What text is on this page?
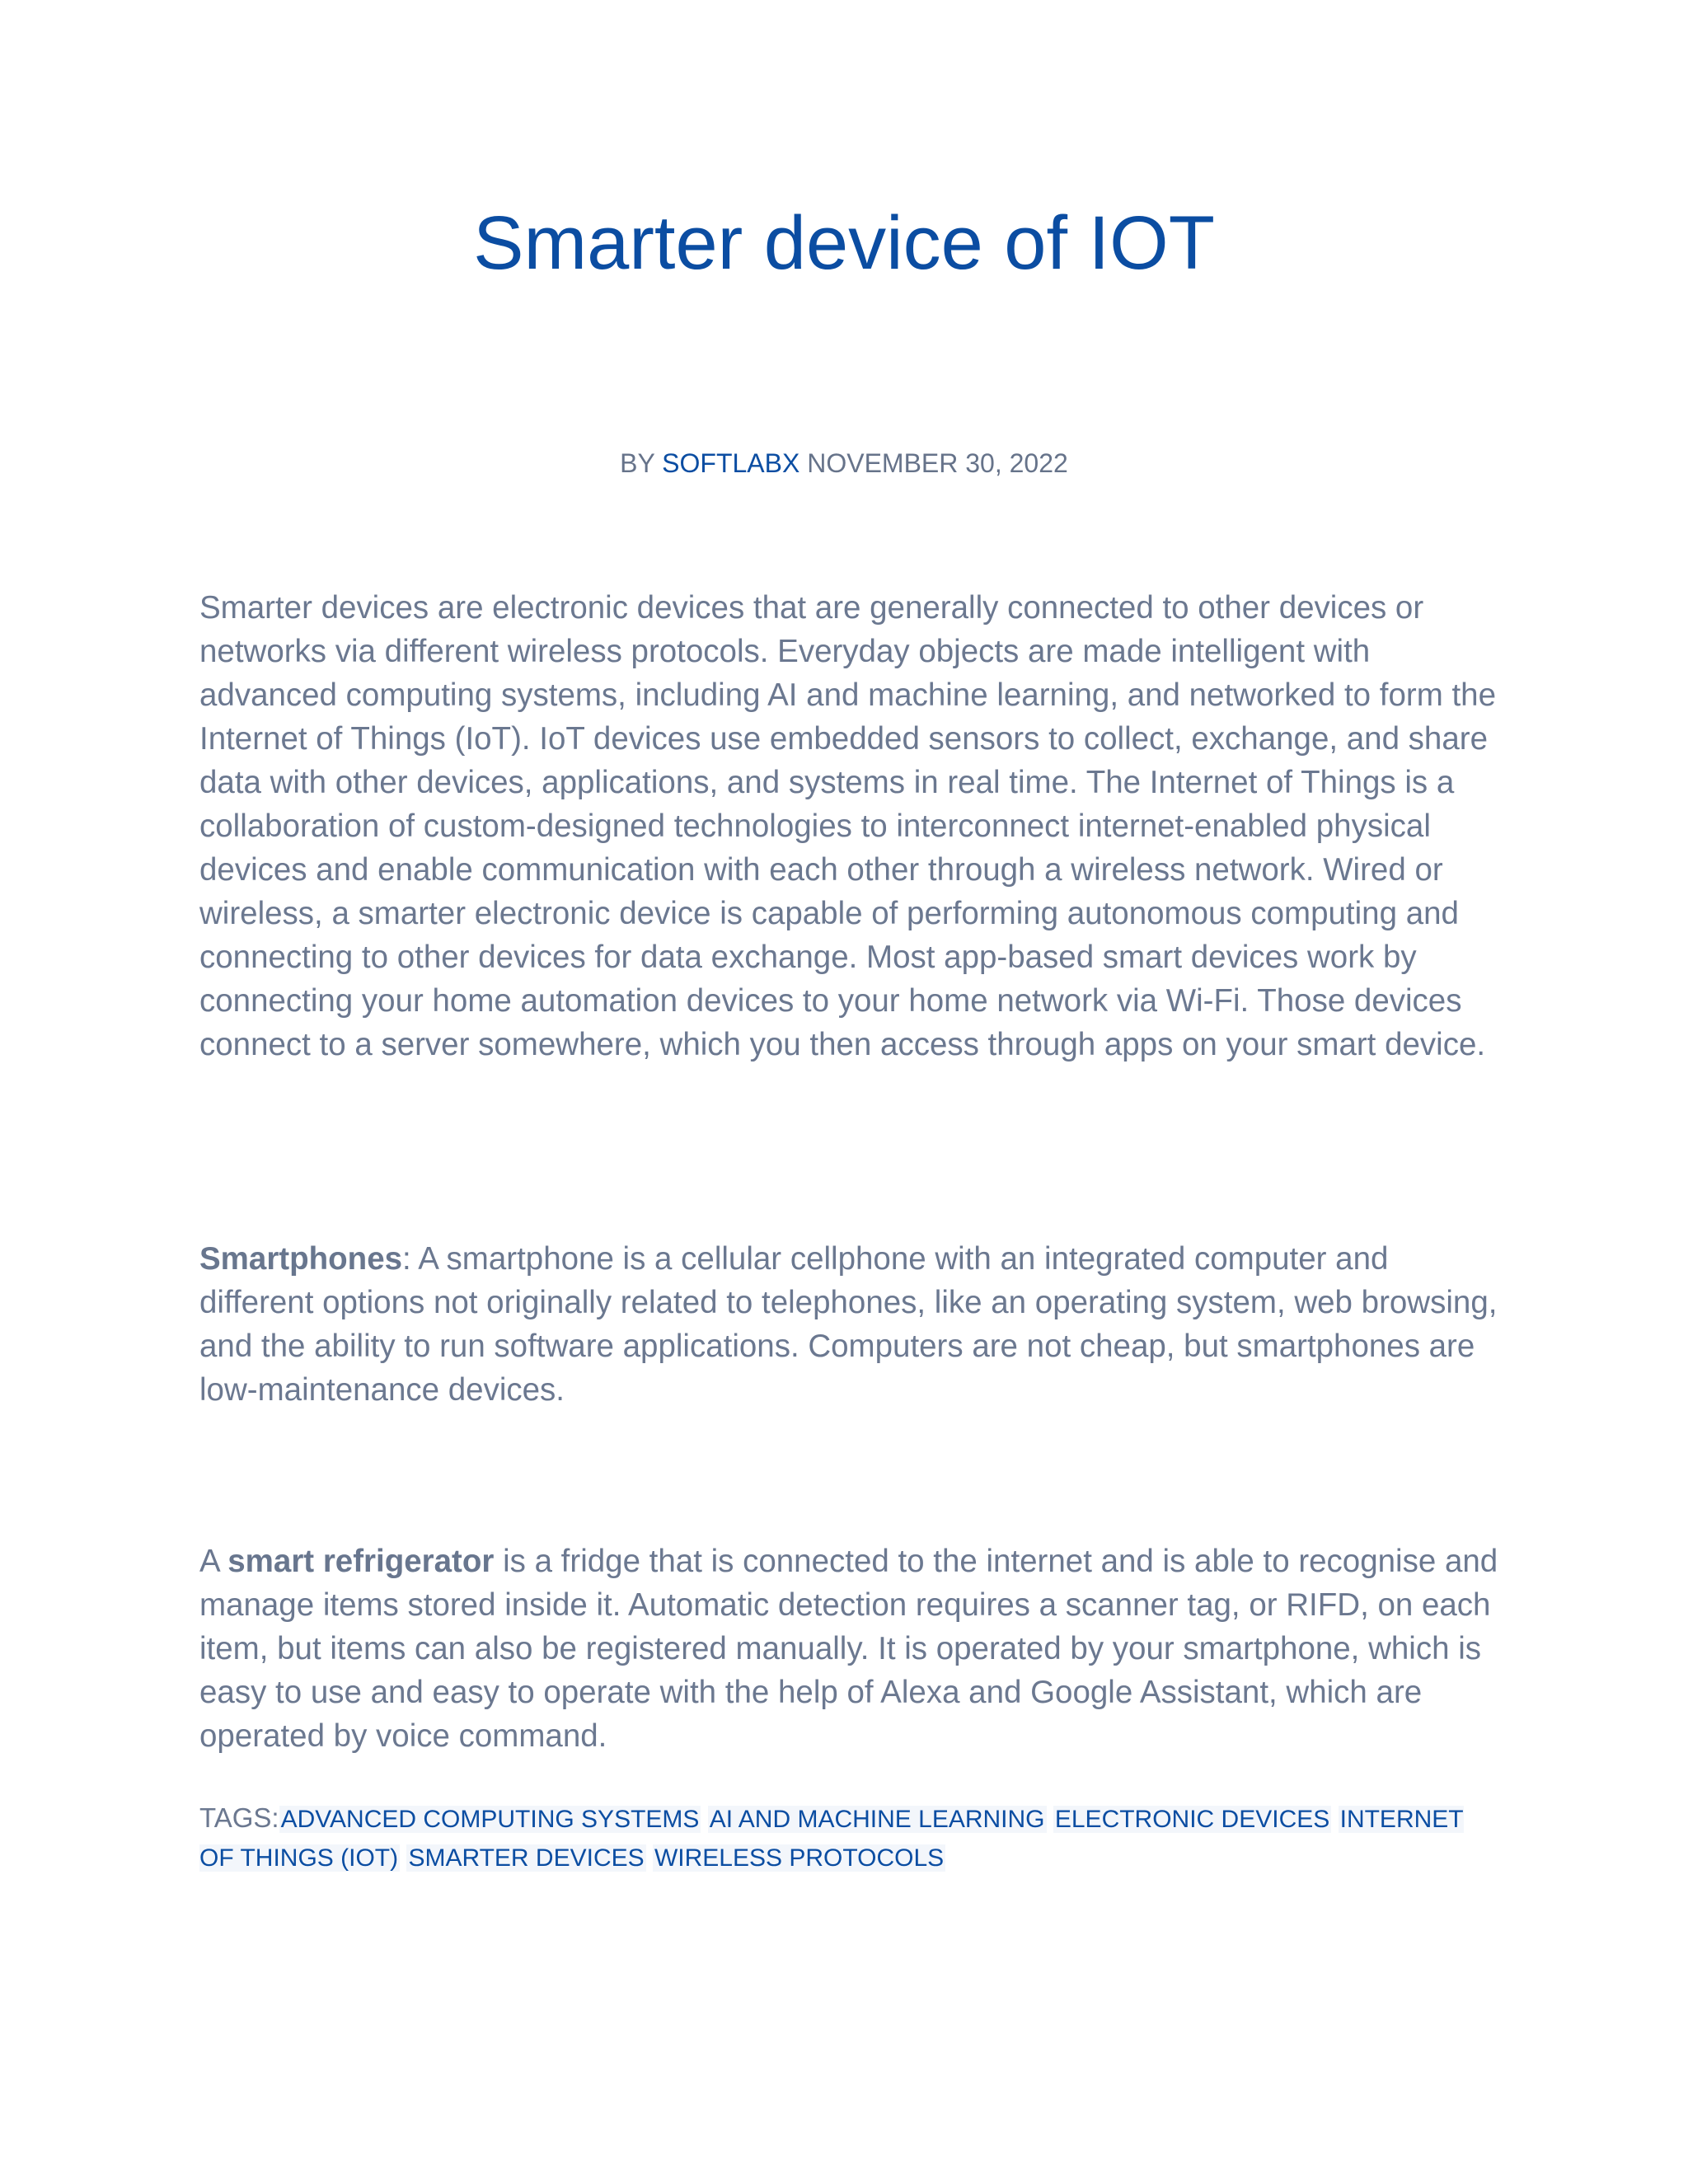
Smarter device of IOT
BY SOFTLABX NOVEMBER 30, 2022

Smarter devices are electronic devices that are generally connected to other devices or networks via different wireless protocols. Everyday objects are made intelligent with advanced computing systems, including AI and machine learning, and networked to form the Internet of Things (IoT). IoT devices use embedded sensors to collect, exchange, and share data with other devices, applications, and systems in real time. The Internet of Things is a collaboration of custom-designed technologies to interconnect internet-enabled physical devices and enable communication with each other through a wireless network. Wired or wireless, a smarter electronic device is capable of performing autonomous computing and connecting to other devices for data exchange. Most app-based smart devices work by connecting your home automation devices to your home network via Wi-Fi. Those devices connect to a server somewhere, which you then access through apps on your smart device.

Smartphones: A smartphone is a cellular cellphone with an integrated computer and different options not originally related to telephones, like an operating system, web browsing, and the ability to run software applications. Computers are not cheap, but smartphones are low-maintenance devices.

A smart refrigerator is a fridge that is connected to the internet and is able to recognise and manage items stored inside it. Automatic detection requires a scanner tag, or RIFD, on each item, but items can also be registered manually. It is operated by your smartphone, which is easy to use and easy to operate with the help of Alexa and Google Assistant, which are operated by voice command.

TAGS:ADVANCED COMPUTING SYSTEMS AI AND MACHINE LEARNING ELECTRONIC DEVICES INTERNET OF THINGS (IOT) SMARTER DEVICES WIRELESS PROTOCOLS
